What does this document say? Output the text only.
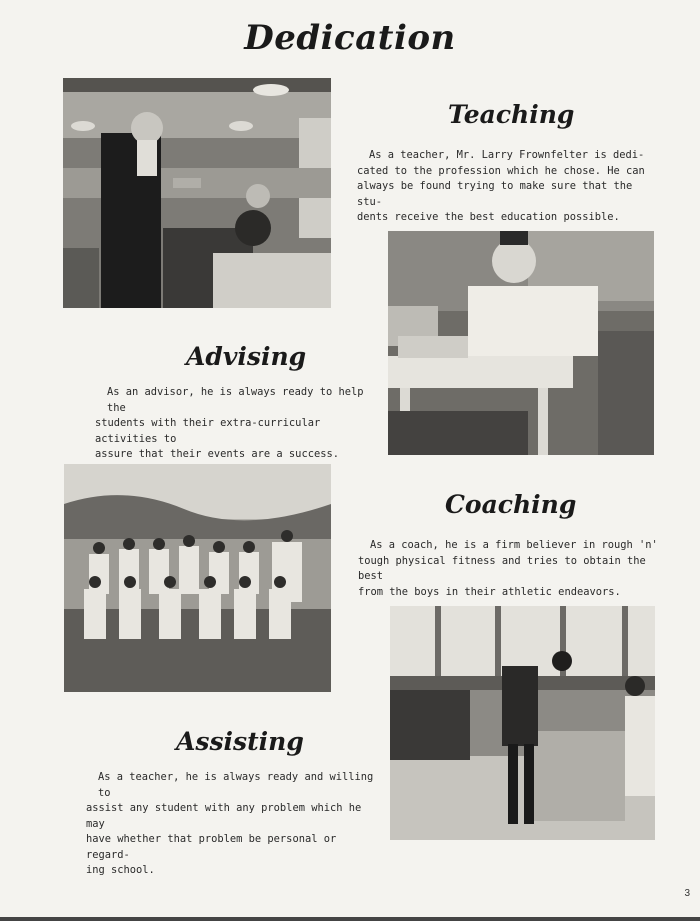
Dedication
Teaching
As a teacher, Mr. Larry Frownfelter is dedi-
cated to the profession which he chose. He can
always be found trying to make sure that the stu-
dents receive the best education possible.
Advising
As an advisor, he is always ready to help the
students with their extra-curricular activities to
assure that their events are a success.
Coaching
As a coach, he is a firm believer in rough 'n'
tough physical fitness and tries to obtain the best
from the boys in their athletic endeavors.
Assisting
As a teacher, he is always ready and willing to
assist any student with any problem which he may
have whether that problem be personal or regard-
ing school.
3
